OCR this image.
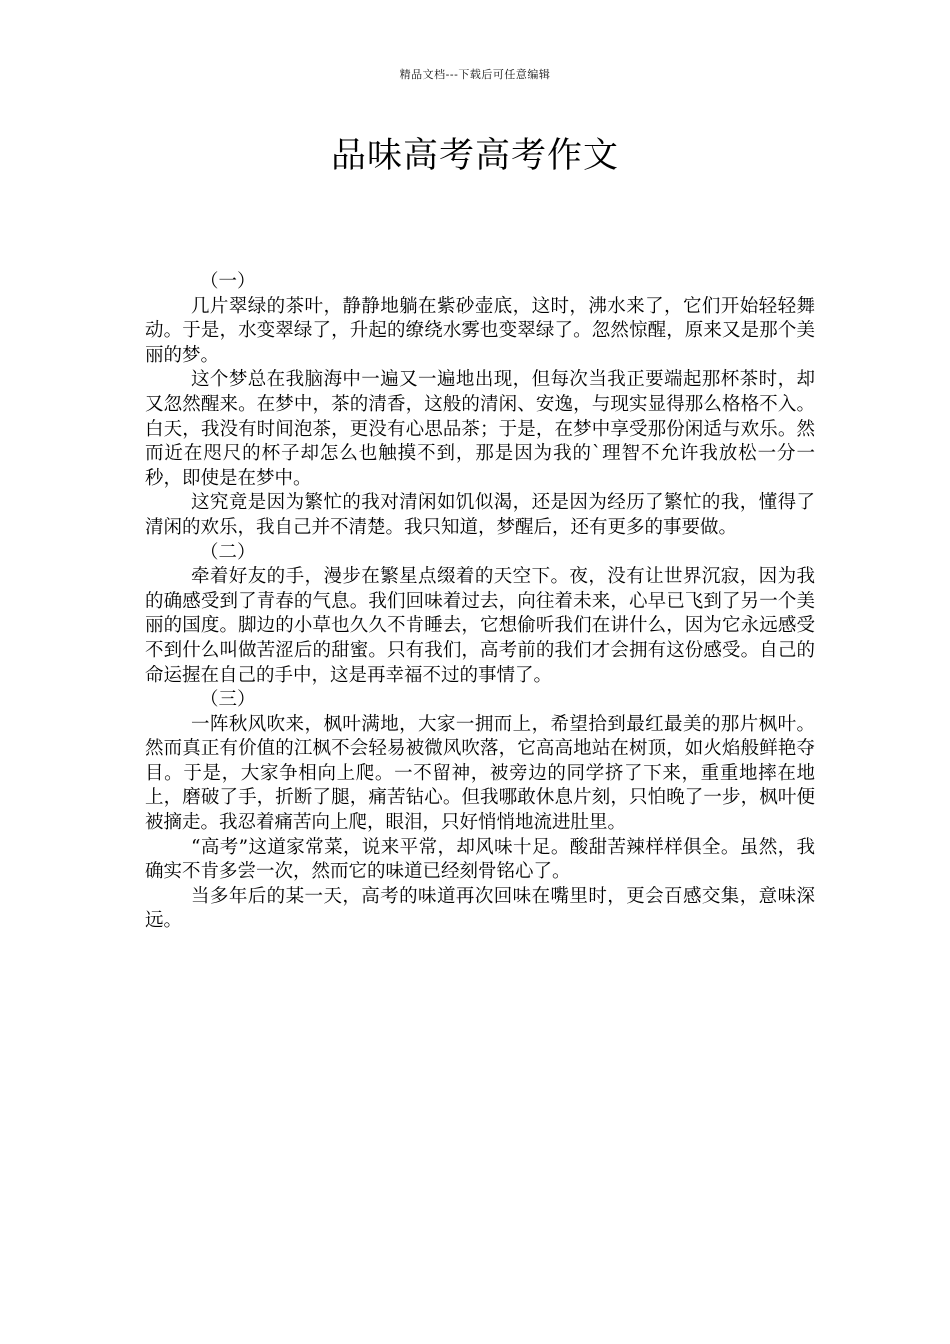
精品文档---下载后可任意编辑
品味高考高考作文

（一）

几片翠绿的茶叶，静静地躺在紫砂壶底，这时，沸水来了，它们开始轻轻舞动。于是，水变翠绿了，升起的缭绕水雾也变翠绿了。忽然惊醒，原来又是那个美丽的梦。

这个梦总在我脑海中一遍又一遍地出现，但每次当我正要端起那杯茶时，却又忽然醒来。在梦中，茶的清香，这般的清闲、安逸，与现实显得那么格格不入。白天，我没有时间泡茶，更没有心思品茶；于是，在梦中享受那份闲适与欢乐。然而近在咫尺的杯子却怎么也触摸不到，那是因为我的`理智不允许我放松一分一秒，即使是在梦中。

这究竟是因为繁忙的我对清闲如饥似渴，还是因为经历了繁忙的我，懂得了清闲的欢乐，我自己并不清楚。我只知道，梦醒后，还有更多的事要做。

（二）

牵着好友的手，漫步在繁星点缀着的天空下。夜，没有让世界沉寂，因为我的确感受到了青春的气息。我们回味着过去，向往着未来，心早已飞到了另一个美丽的国度。脚边的小草也久久不肯睡去，它想偷听我们在讲什么，因为它永远感受不到什么叫做苦涩后的甜蜜。只有我们，高考前的我们才会拥有这份感受。自己的命运握在自己的手中，这是再幸福不过的事情了。

（三）

一阵秋风吹来，枫叶满地，大家一拥而上，希望拾到最红最美的那片枫叶。然而真正有价值的江枫不会轻易被微风吹落，它高高地站在树顶，如火焰般鲜艳夺目。于是，大家争相向上爬。一不留神，被旁边的同学挤了下来，重重地摔在地上，磨破了手，折断了腿，痛苦钻心。但我哪敢休息片刻，只怕晚了一步，枫叶便被摘走。我忍着痛苦向上爬，眼泪，只好悄悄地流进肚里。

“高考”这道家常菜，说来平常，却风味十足。酸甜苦辣样样俱全。虽然，我确实不肯多尝一次，然而它的味道已经刻骨铭心了。

当多年后的某一天，高考的味道再次回味在嘴里时，更会百感交集，意味深远。
